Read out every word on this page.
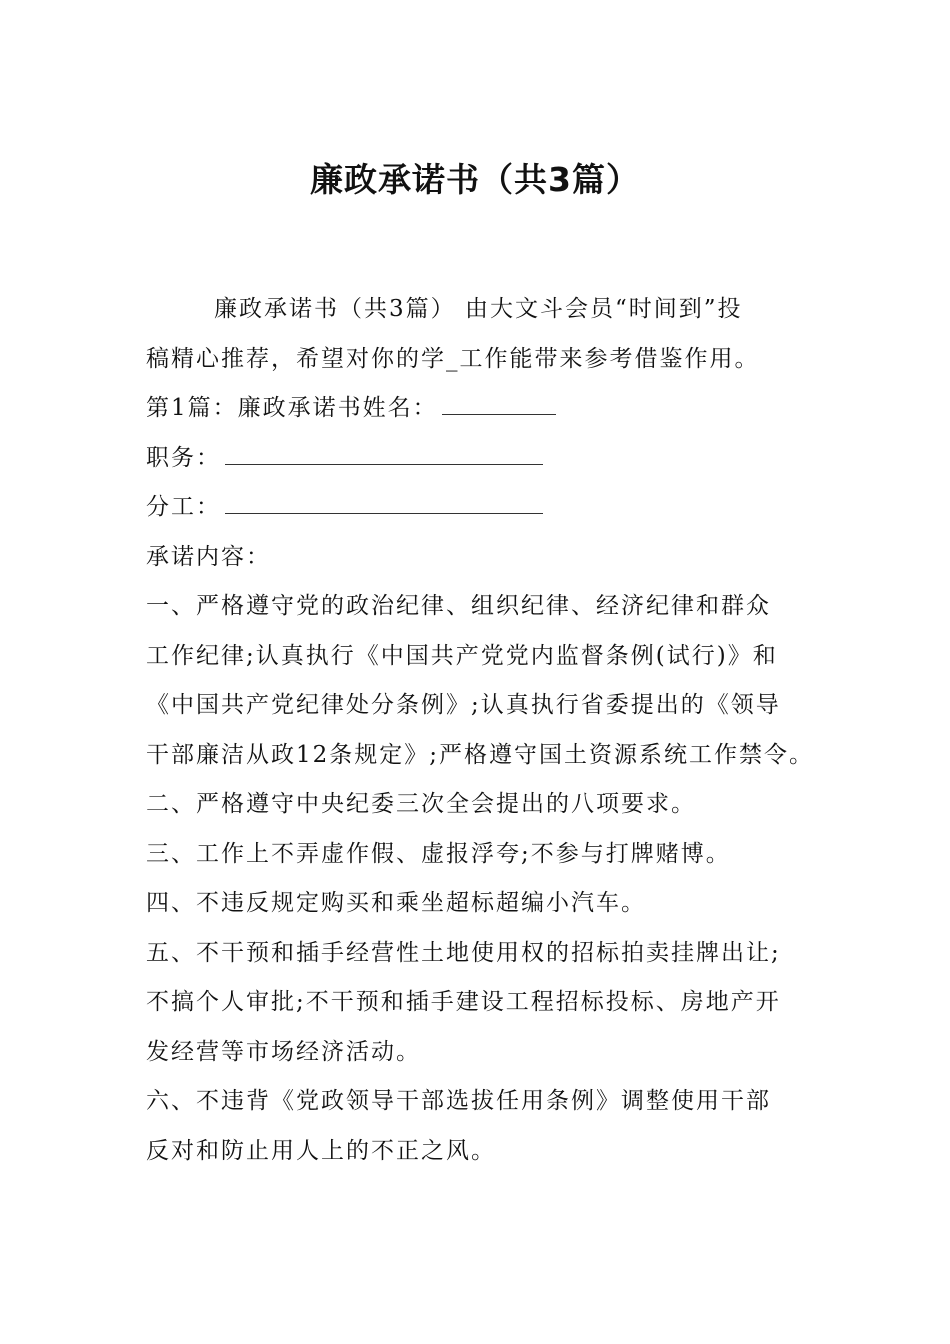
廉政承诺书（共3篇）

廉政承诺书（共3篇） 由大文斗会员“时间到”投

稿精心推荐，希望对你的学_工作能带来参考借鉴作用。

第1篇：廉政承诺书姓名：

职务：

分工：

承诺内容：

一、严格遵守党的政治纪律、组织纪律、经济纪律和群众

工作纪律;认真执行《中国共产党党内监督条例(试行)》和

《中国共产党纪律处分条例》;认真执行省委提出的《领导

干部廉洁从政12条规定》;严格遵守国土资源系统工作禁令。

二、严格遵守中央纪委三次全会提出的八项要求。

三、工作上不弄虚作假、虚报浮夸;不参与打牌赌博。

四、不违反规定购买和乘坐超标超编小汽车。

五、不干预和插手经营性土地使用权的招标拍卖挂牌出让;

不搞个人审批;不干预和插手建设工程招标投标、房地产开

发经营等市场经济活动。

六、不违背《党政领导干部选拔任用条例》调整使用干部

反对和防止用人上的不正之风。
